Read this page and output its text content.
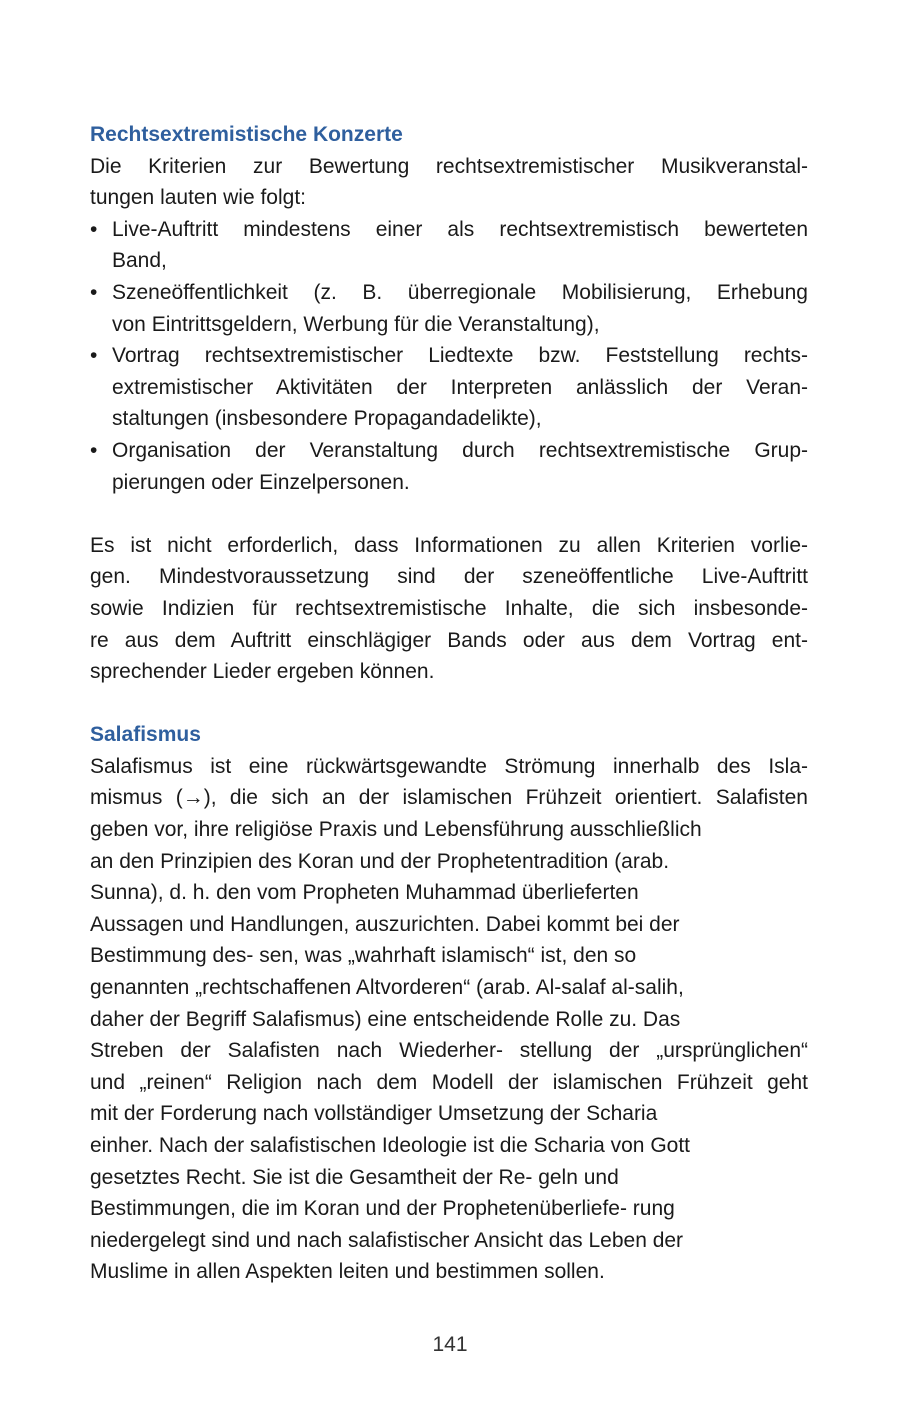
Rechtsextremistische Konzerte
Die Kriterien zur Bewertung rechtsextremistischer Musikveranstal-
tungen lauten wie folgt:
• Live-Auftritt mindestens einer als rechtsextremistisch bewerteten
Band,
• Szeneöffentlichkeit (z. B. überregionale Mobilisierung, Erhebung
von Eintrittsgeldern, Werbung für die Veranstaltung),
• Vortrag rechtsextremistischer Liedtexte bzw. Feststellung rechts-
extremistischer Aktivitäten der Interpreten anlässlich der Veran-
staltungen (insbesondere Propagandadelikte),
• Organisation der Veranstaltung durch rechtsextremistische Grup-
pierungen oder Einzelpersonen.
Es ist nicht erforderlich, dass Informationen zu allen Kriterien vorlie-
gen. Mindestvoraussetzung sind der szeneöffentliche Live-Auftritt
sowie Indizien für rechtsextremistische Inhalte, die sich insbesonde-
re aus dem Auftritt einschlägiger Bands oder aus dem Vortrag ent-
sprechender Lieder ergeben können.
Salafismus
Salafismus ist eine rückwärtsgewandte Strömung innerhalb des Isla-
mismus (→), die sich an der islamischen Frühzeit orientiert. Salafisten
geben vor, ihre religiöse Praxis und Lebensführung ausschließlich
an den Prinzipien des Koran und der Prophetentradition (arab.
Sunna), d. h. den vom Propheten Muhammad überlieferten
Aussagen und Handlungen, auszurichten. Dabei kommt bei der
Bestimmung des- sen, was „wahrhaft islamisch“ ist, den so
genannten „rechtschaffenen Altvorderen“ (arab. Al-salaf al-salih,
daher der Begriff Salafismus) eine entscheidende Rolle zu. Das
Streben der Salafisten nach Wiederher- stellung der „ursprünglichen“
und „reinen“ Religion nach dem Modell der islamischen Frühzeit geht
mit der Forderung nach vollständiger Umsetzung der Scharia
einher. Nach der salafistischen Ideologie ist die Scharia von Gott
gesetztes Recht. Sie ist die Gesamtheit der Re- geln und
Bestimmungen, die im Koran und der Prophetenüberliefe- rung
niedergelegt sind und nach salafistischer Ansicht das Leben der
Muslime in allen Aspekten leiten und bestimmen sollen.
141
